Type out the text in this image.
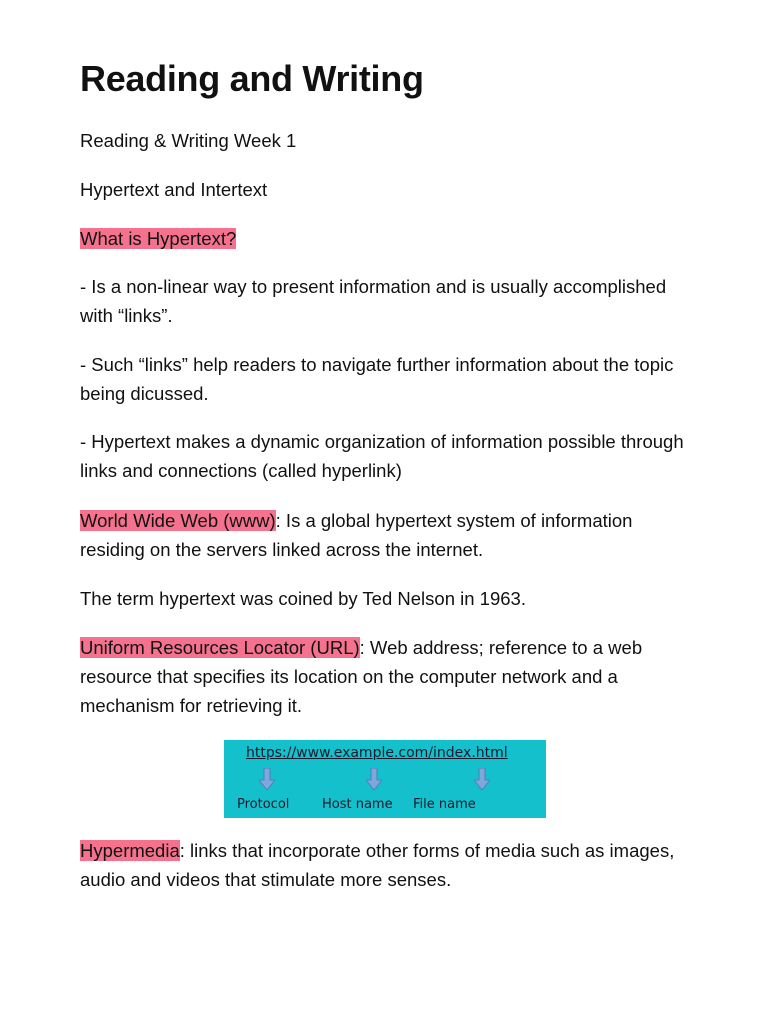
Reading and Writing

Reading & Writing Week 1

Hypertext and Intertext

What is Hypertext?

- Is a non-linear way to present information and is usually accomplished with “links”.

- Such “links” help readers to navigate further information about the topic being dicussed.

- Hypertext makes a dynamic organization of information possible through links and connections (called hyperlink)

World Wide Web (www): Is a global hypertext system of information residing on the servers linked across the internet.

The term hypertext was coined by Ted Nelson in 1963.

Uniform Resources Locator (URL): Web address; reference to a web resource that specifies its location on the computer network and a mechanism for retrieving it.

Hypermedia: links that incorporate other forms of media such as images, audio and videos that stimulate more senses.

https://www.example.com/index.html
Protocol	Host name File name
